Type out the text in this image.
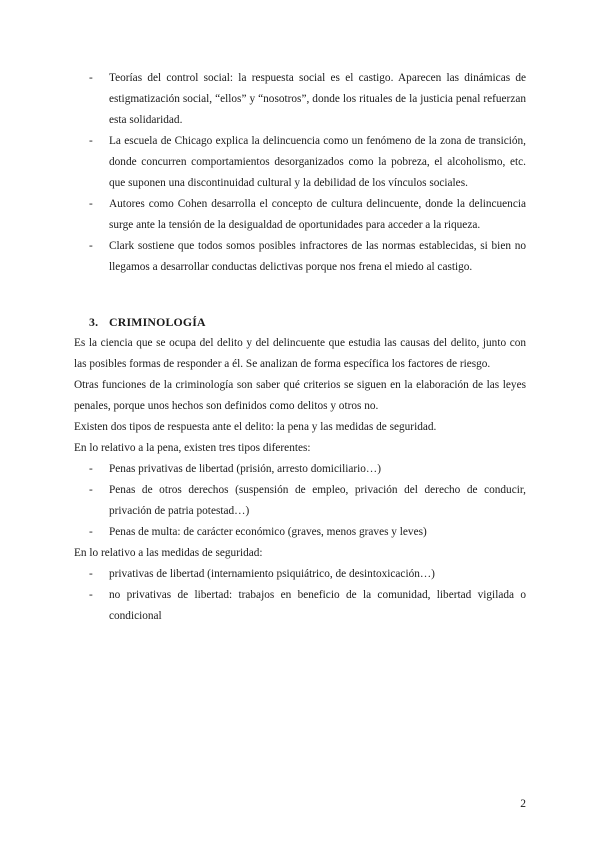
- Teorías del control social: la respuesta social es el castigo. Aparecen las dinámicas de estigmatización social, “ellos” y “nosotros”, donde los rituales de la justicia penal refuerzan esta solidaridad.
- La escuela de Chicago explica la delincuencia como un fenómeno de la zona de transición, donde concurren comportamientos desorganizados como la pobreza, el alcoholismo, etc. que suponen una discontinuidad cultural y la debilidad de los vínculos sociales.
- Autores como Cohen desarrolla el concepto de cultura delincuente, donde la delincuencia surge ante la tensión de la desigualdad de oportunidades para acceder a la riqueza.
- Clark sostiene que todos somos posibles infractores de las normas establecidas, si bien no llegamos a desarrollar conductas delictivas porque nos frena el miedo al castigo.
3. CRIMINOLOGÍA

Es la ciencia que se ocupa del delito y del delincuente que estudia las causas del delito, junto con las posibles formas de responder a él. Se analizan de forma específica los factores de riesgo.

Otras funciones de la criminología son saber qué criterios se siguen en la elaboración de las leyes penales, porque unos hechos son definidos como delitos y otros no.

Existen dos tipos de respuesta ante el delito: la pena y las medidas de seguridad.

En lo relativo a la pena, existen tres tipos diferentes:

- Penas privativas de libertad (prisión, arresto domiciliario…)
- Penas de otros derechos (suspensión de empleo, privación del derecho de conducir, privación de patria potestad…)
- Penas de multa: de carácter económico (graves, menos graves y leves)

En lo relativo a las medidas de seguridad:

- privativas de libertad (internamiento psiquiátrico, de desintoxicación…)
- no privativas de libertad: trabajos en beneficio de la comunidad, libertad vigilada o condicional
2
